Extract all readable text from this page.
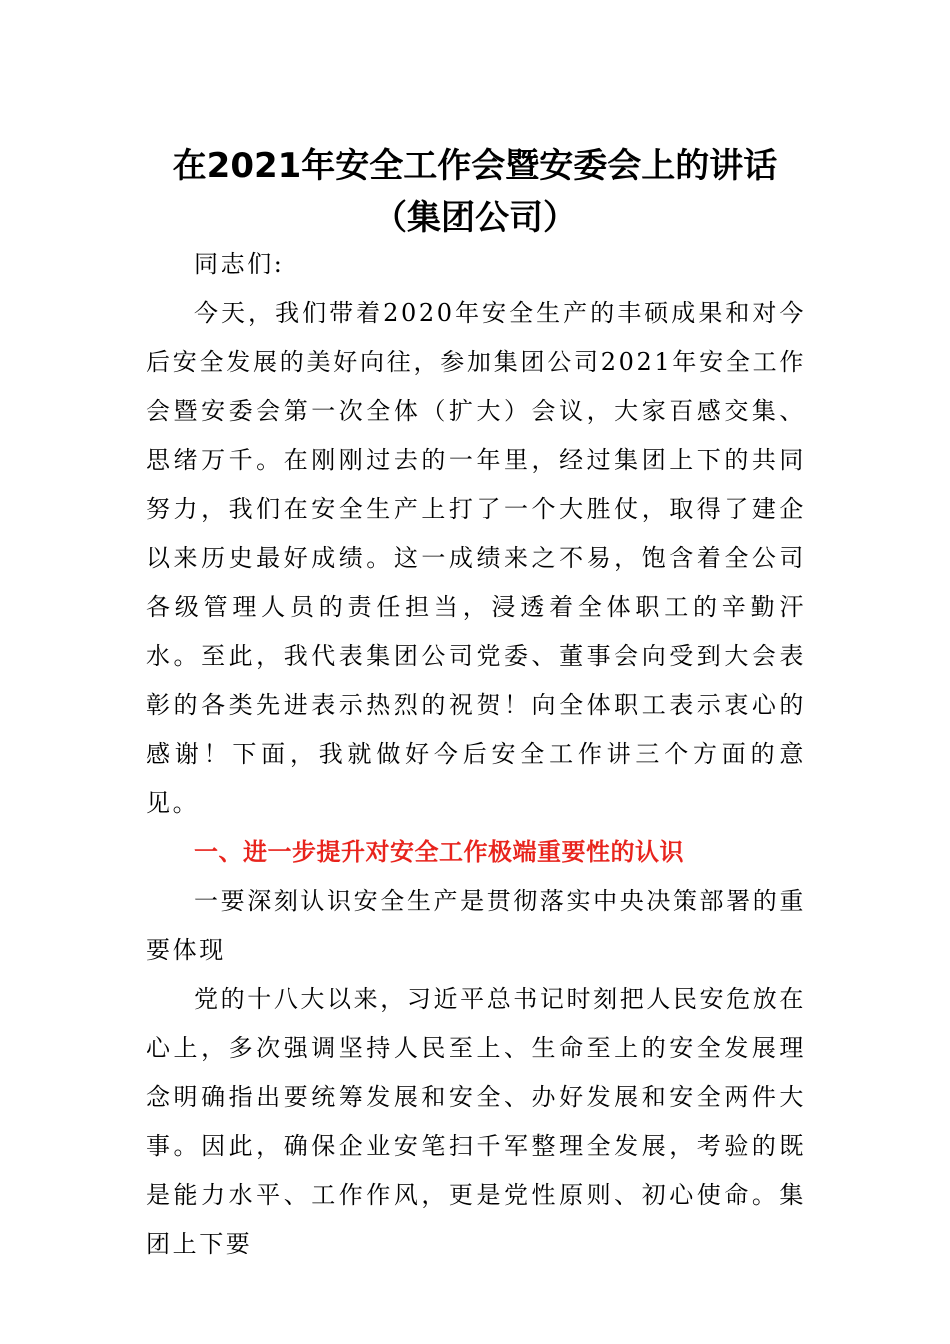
在2021年安全工作会暨安委会上的讲话
（集团公司）

同志们:

今天，我们带着2020年安全生产的丰硕成果和对今后安全发展的美好向往，参加集团公司2021年安全工作会暨安委会第一次全体（扩大）会议，大家百感交集、思绪万千。在刚刚过去的一年里，经过集团上下的共同努力，我们在安全生产上打了一个大胜仗，取得了建企以来历史最好成绩。这一成绩来之不易，饱含着全公司各级管理人员的责任担当，浸透着全体职工的辛勤汗水。至此，我代表集团公司党委、董事会向受到大会表彰的各类先进表示热烈的祝贺！向全体职工表示衷心的感谢！下面，我就做好今后安全工作讲三个方面的意见。

一、进一步提升对安全工作极端重要性的认识

一要深刻认识安全生产是贯彻落实中央决策部署的重要体现

党的十八大以来，习近平总书记时刻把人民安危放在心上，多次强调坚持人民至上、生命至上的安全发展理念明确指出要统筹发展和安全、办好发展和安全两件大事。因此，确保企业安笔扫千军整理全发展，考验的既是能力水平、工作作风，更是党性原则、初心使命。集团上下要
